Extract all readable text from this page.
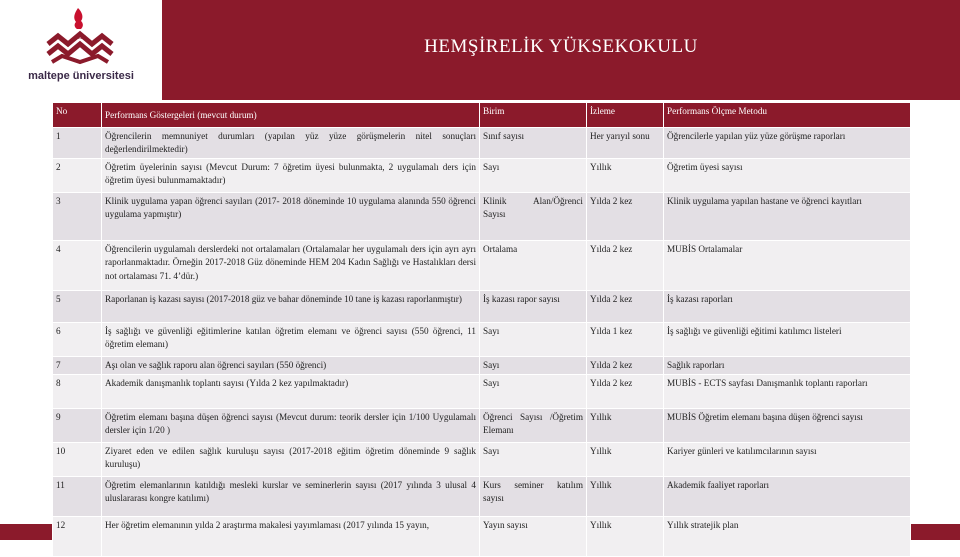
1997
maltepe üniversitesi
HEMŞİRELİK YÜKSEKOKULU
No	Performans Göstergeleri (mevcut durum)	Birim	İzleme	Performans Ölçme Metodu
1	Öğrencilerin memnuniyet durumları (yapılan yüz yüze görüşmelerin nitel sonuçları değerlendirilmektedir)	Sınıf sayısı	Her yarıyıl sonu	Öğrencilerle yapılan yüz yüze görüşme raporları
2	Öğretim üyelerinin sayısı (Mevcut Durum: 7 öğretim üyesi bulunmakta, 2 uygulamalı ders için öğretim üyesi bulunmamaktadır)	Sayı	Yıllık	Öğretim üyesi sayısı
3	Klinik uygulama yapan öğrenci sayıları (2017- 2018 döneminde 10 uygulama alanında 550 öğrenci uygulama yapmıştır)	Klinik Alan/Öğrenci Sayısı	Yılda 2 kez	Klinik uygulama yapılan hastane ve öğrenci kayıtları
4	Öğrencilerin uygulamalı derslerdeki not ortalamaları (Ortalamalar her uygulamalı ders için ayrı ayrı raporlanmaktadır. Örneğin 2017-2018 Güz döneminde HEM 204 Kadın Sağlığı ve Hastalıkları dersi not ortalaması 71. 4’dür.)	Ortalama	Yılda 2 kez	MUBİS Ortalamalar
5	Raporlanan iş kazası sayısı (2017-2018 güz ve bahar döneminde 10 tane iş kazası raporlanmıştır)	İş kazası rapor sayısı	Yılda 2 kez	İş kazası raporları
6	İş sağlığı ve güvenliği eğitimlerine katılan öğretim elemanı ve öğrenci sayısı (550 öğrenci, 11 öğretim elemanı)	Sayı	Yılda 1 kez	İş sağlığı ve güvenliği eğitimi katılımcı listeleri
7	Aşı olan ve sağlık raporu alan öğrenci sayıları (550 öğrenci)	Sayı	Yılda 2 kez	Sağlık raporları
8	Akademik danışmanlık toplantı sayısı (Yılda 2 kez yapılmaktadır)	Sayı	Yılda 2 kez	MUBİS - ECTS sayfası Danışmanlık toplantı raporları
9	Öğretim elemanı başına düşen öğrenci sayısı (Mevcut durum: teorik dersler için 1/100 Uygulamalı dersler için 1/20 )	Öğrenci Sayısı /Öğretim Elemanı	Yıllık	MUBİS Öğretim elemanı başına düşen öğrenci sayısı
10	Ziyaret eden ve edilen sağlık kuruluşu sayısı (2017-2018 eğitim öğretim döneminde 9 sağlık kuruluşu)	Sayı	Yıllık	Kariyer günleri ve katılımcılarının sayısı
11	Öğretim elemanlarının katıldığı mesleki kurslar ve seminerlerin sayısı (2017 yılında 3 ulusal 4 uluslararası kongre katılımı)	Kurs seminer katılım sayısı	Yıllık	Akademik faaliyet raporları
12	Her öğretim elemanının yılda 2 araştırma makalesi yayımlaması (2017 yılında 15 yayın,	Yayın sayısı	Yıllık	Yıllık stratejik plan
